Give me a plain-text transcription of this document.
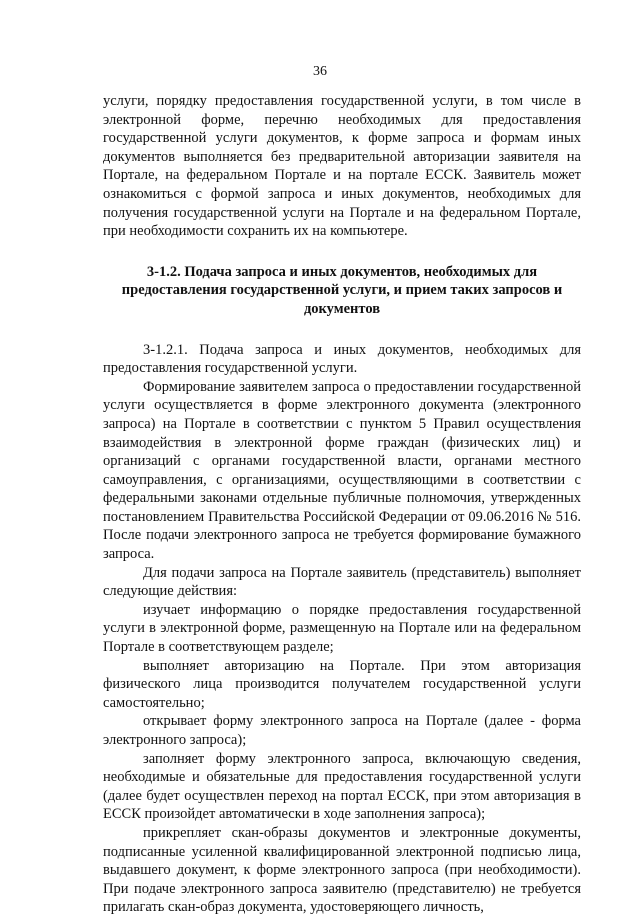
36

услуги, порядку предоставления государственной услуги, в том числе в электронной форме, перечню необходимых для предоставления государственной услуги документов, к форме запроса и формам иных документов выполняется без предварительной авторизации заявителя на Портале, на федеральном Портале и на портале ЕССК. Заявитель может ознакомиться с формой запроса и иных документов, необходимых для получения государственной услуги на Портале и на федеральном Портале, при необходимости сохранить их на компьютере.

3-1.2. Подача запроса и иных документов, необходимых для предоставления государственной услуги, и прием таких запросов и документов

3-1.2.1. Подача запроса и иных документов, необходимых для предоставления государственной услуги.

Формирование заявителем запроса о предоставлении государственной услуги осуществляется в форме электронного документа (электронного запроса) на Портале в соответствии с пунктом 5 Правил осуществления взаимодействия в электронной форме граждан (физических лиц) и организаций с органами государственной власти, органами местного самоуправления, с организациями, осуществляющими в соответствии с федеральными законами отдельные публичные полномочия, утвержденных постановлением Правительства Российской Федерации от 09.06.2016 № 516. После подачи электронного запроса не требуется формирование бумажного запроса.

Для подачи запроса на Портале заявитель (представитель) выполняет следующие действия:

изучает информацию о порядке предоставления государственной услуги в электронной форме, размещенную на Портале или на федеральном Портале в соответствующем разделе;

выполняет авторизацию на Портале. При этом авторизация физического лица производится получателем государственной услуги самостоятельно;

открывает форму электронного запроса на Портале (далее - форма электронного запроса);

заполняет форму электронного запроса, включающую сведения, необходимые и обязательные для предоставления государственной услуги (далее будет осуществлен переход на портал ЕССК, при этом авторизация в ЕССК произойдет автоматически в ходе заполнения запроса);

прикрепляет скан-образы документов и электронные документы, подписанные усиленной квалифицированной электронной подписью лица, выдавшего документ, к форме электронного запроса (при необходимости). При подаче электронного запроса заявителю (представителю) не требуется прилагать скан-образ документа, удостоверяющего личность,
